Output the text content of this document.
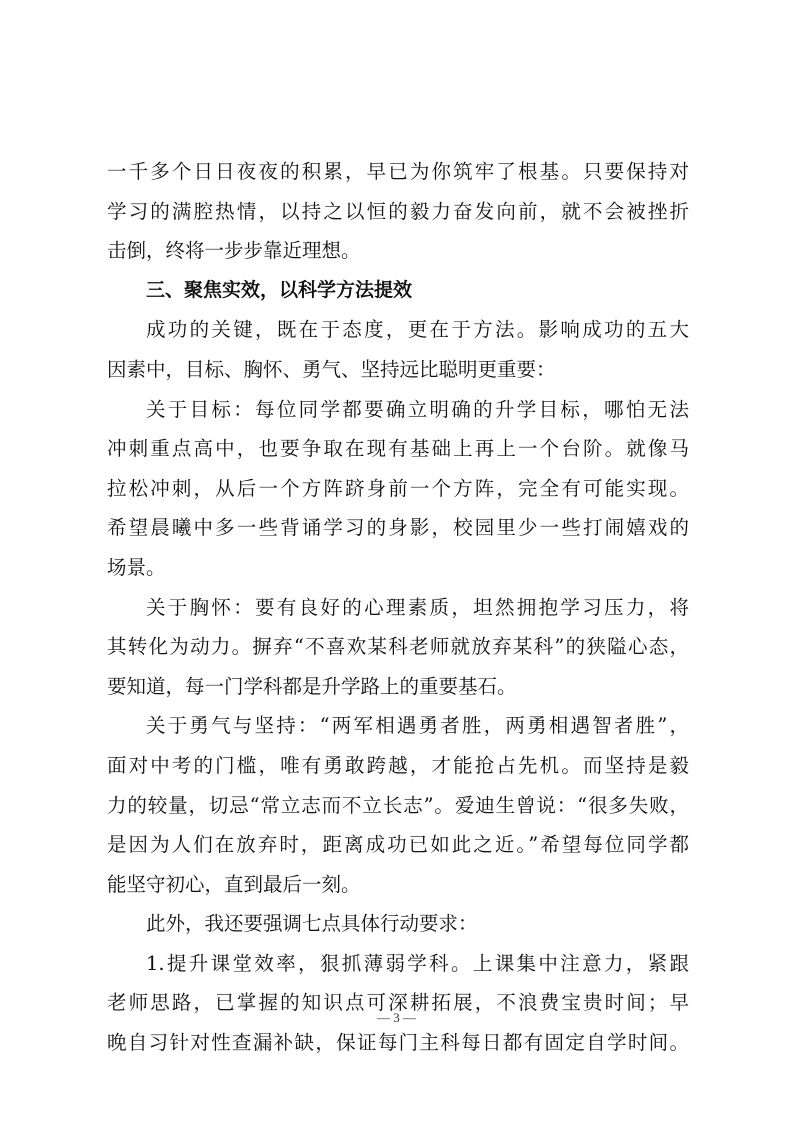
一千多个日日夜夜的积累，早已为你筑牢了根基。只要保持对
学习的满腔热情，以持之以恒的毅力奋发向前，就不会被挫折
击倒，终将一步步靠近理想。
三、聚焦实效，以科学方法提效
成功的关键，既在于态度，更在于方法。影响成功的五大
因素中，目标、胸怀、勇气、坚持远比聪明更重要：
关于目标：每位同学都要确立明确的升学目标，哪怕无法
冲刺重点高中，也要争取在现有基础上再上一个台阶。就像马
拉松冲刺，从后一个方阵跻身前一个方阵，完全有可能实现。
希望晨曦中多一些背诵学习的身影，校园里少一些打闹嬉戏的
场景。
关于胸怀：要有良好的心理素质，坦然拥抱学习压力，将
其转化为动力。摒弃“不喜欢某科老师就放弃某科”的狭隘心态，
要知道，每一门学科都是升学路上的重要基石。
关于勇气与坚持：“两军相遇勇者胜，两勇相遇智者胜”，
面对中考的门槛，唯有勇敢跨越，才能抢占先机。而坚持是毅
力的较量，切忌“常立志而不立长志”。爱迪生曾说：“很多失败，
是因为人们在放弃时，距离成功已如此之近。”希望每位同学都
能坚守初心，直到最后一刻。
此外，我还要强调七点具体行动要求：
1.提升课堂效率，狠抓薄弱学科。上课集中注意力，紧跟
老师思路，已掌握的知识点可深耕拓展，不浪费宝贵时间；早
晚自习针对性查漏补缺，保证每门主科每日都有固定自学时间。
— 3 —
